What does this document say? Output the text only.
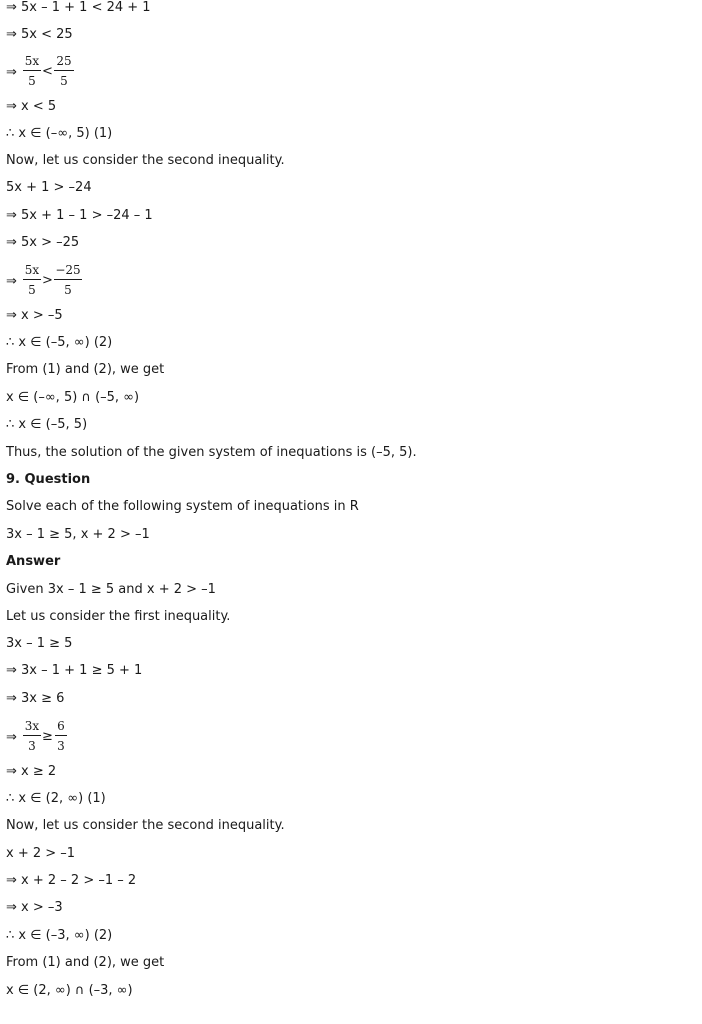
⇒ 5x – 1 + 1 < 24 + 1
⇒ 5x < 25
⇒
5x
5
<
25
5
⇒ x < 5
∴ x ∈ (–∞, 5) (1)
Now, let us consider the second inequality.
5x + 1 > –24
⇒ 5x + 1 – 1 > –24 – 1
⇒ 5x > –25
⇒
5x
5
>
−25
5
⇒ x > –5
∴ x ∈ (–5, ∞) (2)
From (1) and (2), we get
x ∈ (–∞, 5) ∩ (–5, ∞)
∴ x ∈ (–5, 5)
Thus, the solution of the given system of inequations is (–5, 5).
9. Question
Solve each of the following system of inequations in R
3x – 1 ≥ 5, x + 2 > –1
Answer
Given 3x – 1 ≥ 5 and x + 2 > –1
Let us consider the first inequality.
3x – 1 ≥ 5
⇒ 3x – 1 + 1 ≥ 5 + 1
⇒ 3x ≥ 6
⇒
3x
3
≥
6
3
⇒ x ≥ 2
∴ x ∈ (2, ∞) (1)
Now, let us consider the second inequality.
x + 2 > –1
⇒ x + 2 – 2 > –1 – 2
⇒ x > –3
∴ x ∈ (–3, ∞) (2)
From (1) and (2), we get
x ∈ (2, ∞) ∩ (–3, ∞)
